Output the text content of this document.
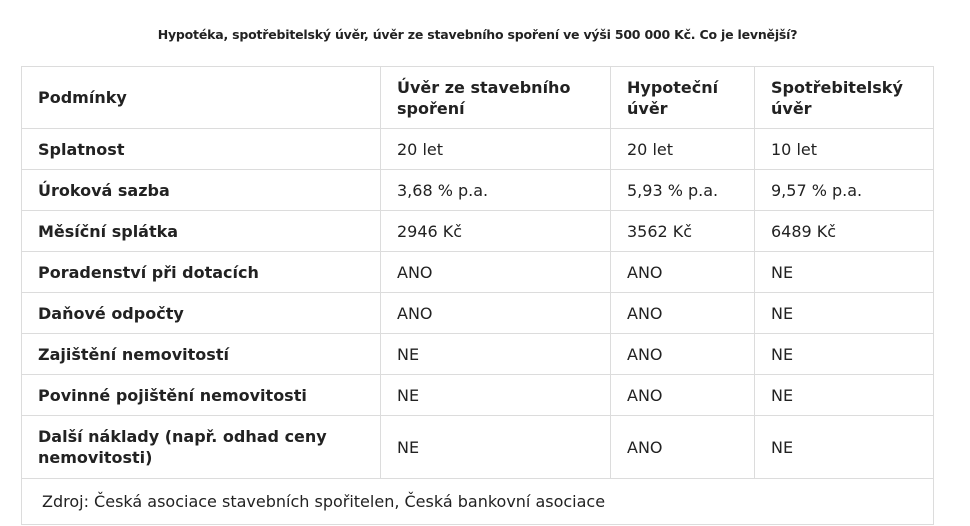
Hypotéka, spotřebitelský úvěr, úvěr ze stavebního spoření ve výši 500 000 Kč. Co je levnější?
Podmínky	Úvěr ze stavebního spoření	Hypoteční úvěr	Spotřebitelský úvěr
Splatnost	20 let	20 let	10 let
Úroková sazba	3,68 % p.a.	5,93 % p.a.	9,57 % p.a.
Měsíční splátka	2946 Kč	3562 Kč	6489 Kč
Poradenství při dotacích	ANO	ANO	NE
Daňové odpočty	ANO	ANO	NE
Zajištění nemovitostí	NE	ANO	NE
Povinné pojištění nemovitosti	NE	ANO	NE
Další náklady (např. odhad ceny nemovitosti)	NE	ANO	NE
Zdroj: Česká asociace stavebních spořitelen, Česká bankovní asociace			
